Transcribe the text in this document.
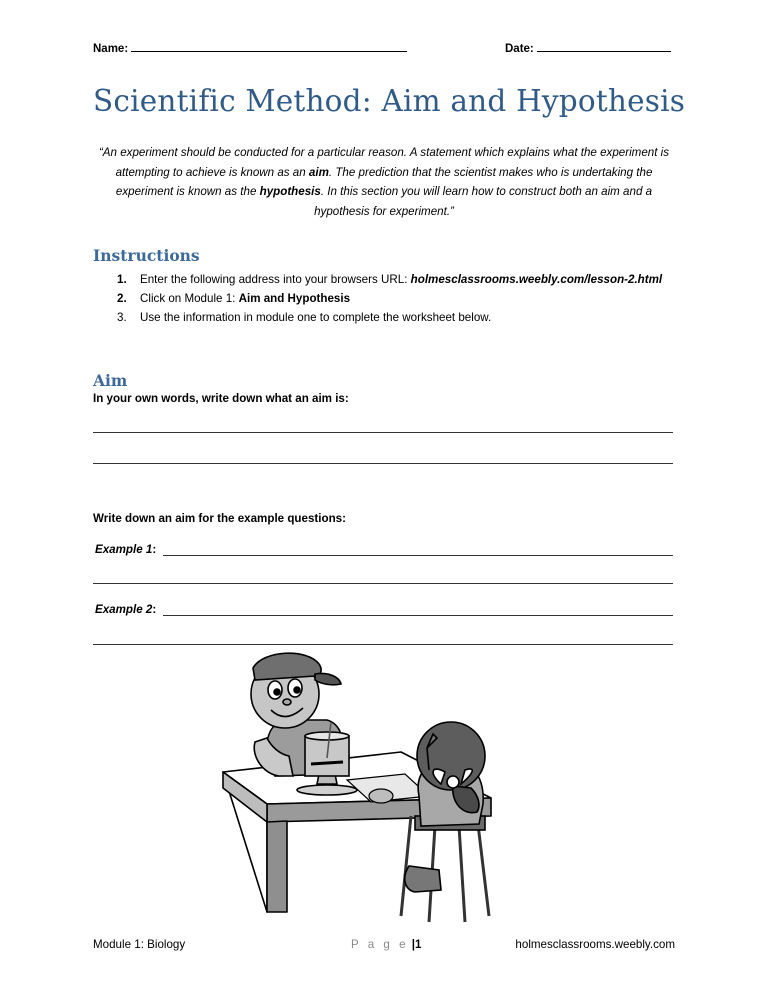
Name:	Date:
Scientific Method: Aim and Hypothesis
“An experiment should be conducted for a particular reason. A statement which explains what the experiment is attempting to achieve is known as an aim. The prediction that the scientist makes who is undertaking the experiment is known as the hypothesis. In this section you will learn how to construct both an aim and a hypothesis for experiment.”
Instructions
1. Enter the following address into your browsers URL: holmesclassrooms.weebly.com/lesson-2.html
2. Click on Module 1: Aim and Hypothesis
3. Use the information in module one to complete the worksheet below.
Aim
In your own words, write down what an aim is:
Write down an aim for the example questions:
Example 1:
Example 2:
Module 1: Biology	P a g e |1	holmesclassrooms.weebly.com
